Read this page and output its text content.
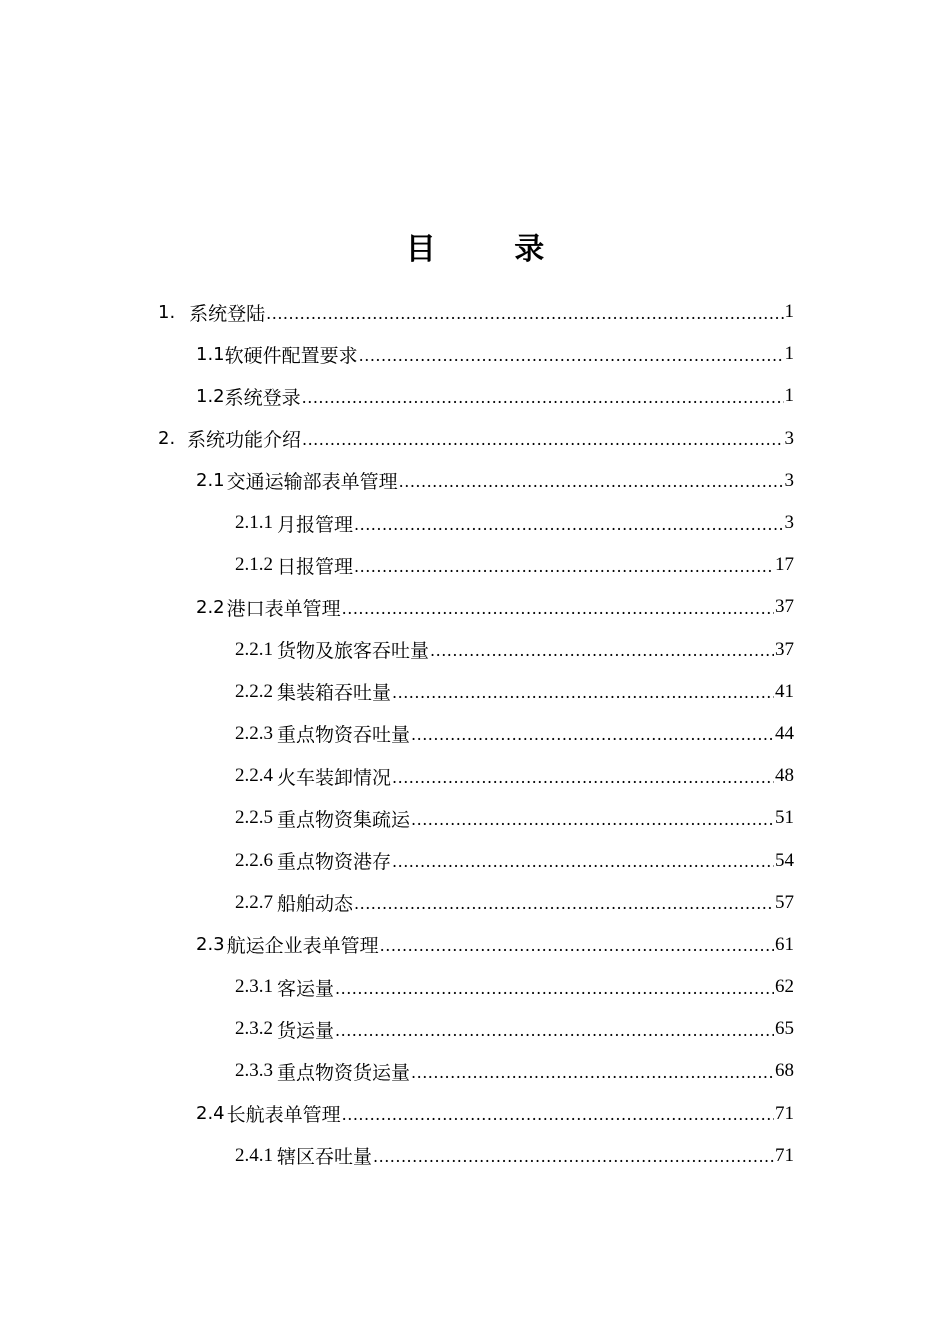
目 录
1. 系统登陆 .....	1
1.1 软硬件配置要求 .....	1
1.2 系统登录 .....	1
2. 系统功能介绍 .....	3
2.1 交通运输部表单管理 .....	3
2.1.1 月报管理 .....	3
2.1.2 日报管理 .....	17
2.2 港口表单管理 .....	37
2.2.1 货物及旅客吞吐量 .....	37
2.2.2 集装箱吞吐量 .....	41
2.2.3 重点物资吞吐量 .....	44
2.2.4 火车装卸情况 .....	48
2.2.5 重点物资集疏运 .....	51
2.2.6 重点物资港存 .....	54
2.2.7 船舶动态 .....	57
2.3 航运企业表单管理 .....	61
2.3.1 客运量 .....	62
2.3.2 货运量 .....	65
2.3.3 重点物资货运量 .....	68
2.4 长航表单管理 .....	71
2.4.1 辖区吞吐量 .....	71
